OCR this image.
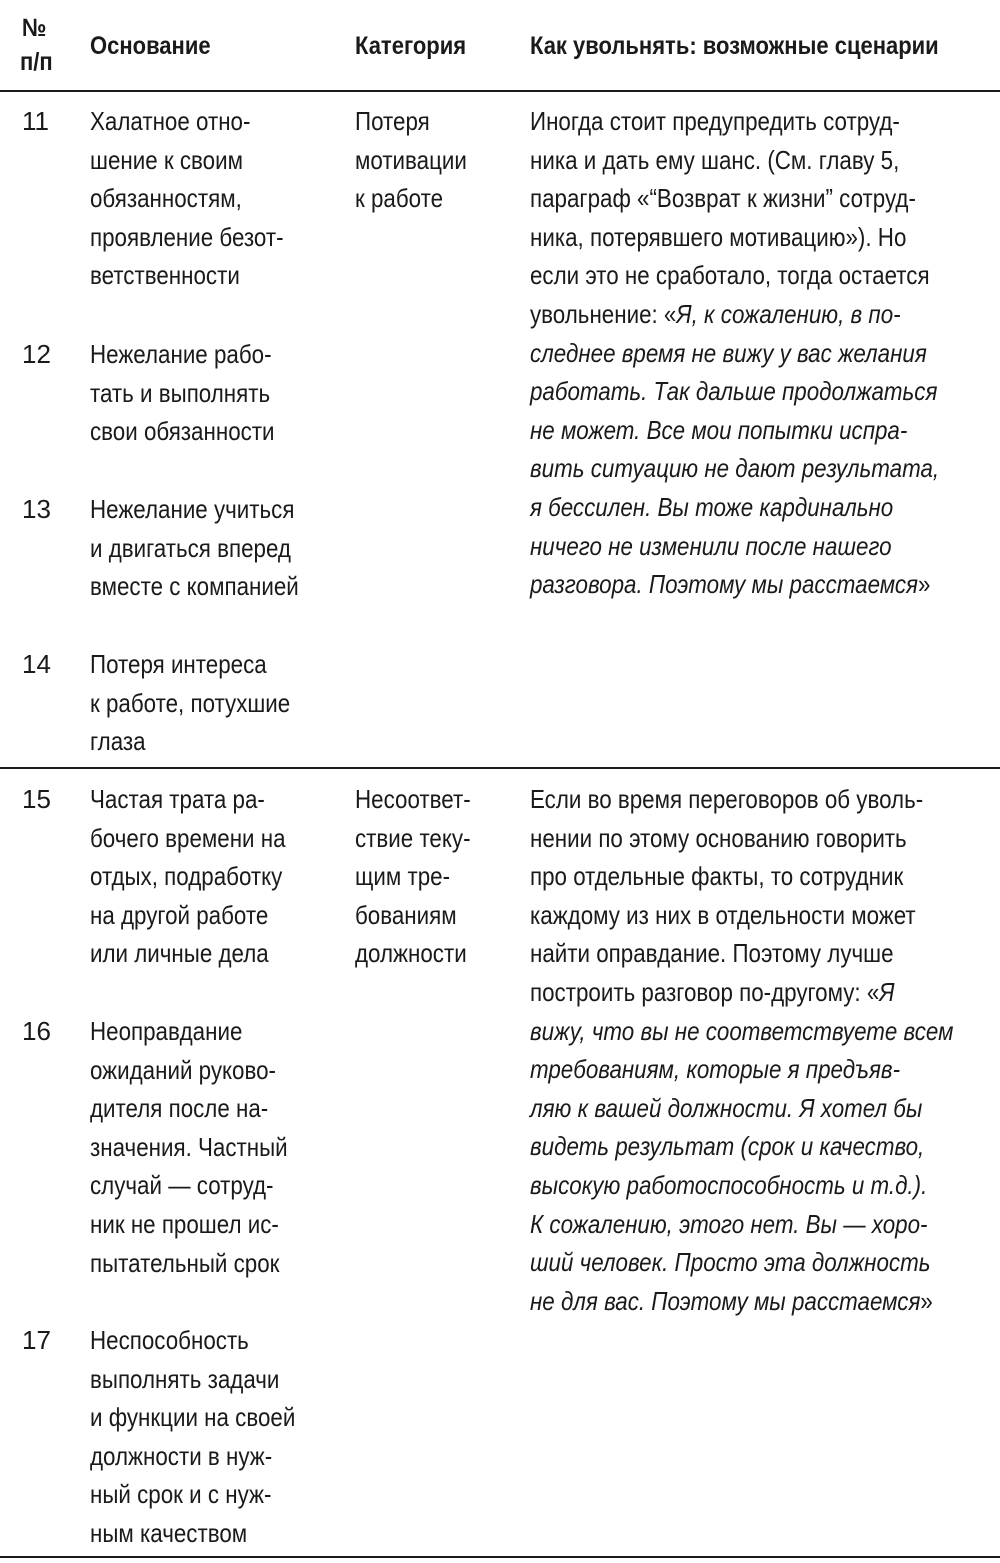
№
п/п
Основание	Категория	Как увольнять: возможные сценарии
11 Халатное отно-
шение к своим
обязанностям,
проявление безот-
ветственности
12 Нежелание рабо-
тать и выполнять
свои обязанности
13 Нежелание учиться
и двигаться вперед
вместе с компанией
14 Потеря интереса
к работе, потухшие
глаза
Потеря
мотивации
к работе
Иногда стоит предупредить сотруд-
ника и дать ему шанс. (См. главу 5,
параграф «“Возврат к жизни” сотруд-
ника, потерявшего мотивацию»). Но
если это не сработало, тогда остается
увольнение: «Я, к сожалению, в по-
следнее время не вижу у вас желания
работать. Так дальше продолжаться
не может. Все мои попытки испра-
вить ситуацию не дают результата,
я бессилен. Вы тоже кардинально
ничего не изменили после нашего
разговора. Поэтому мы расстаемся»
15 Частая трата ра-
бочего времени на
отдых, подработку
на другой работе
или личные дела
16 Неоправдание
ожиданий руково-
дителя после на-
значения. Частный
случай — сотруд-
ник не прошел ис-
пытательный срок
17 Неспособность
выполнять задачи
и функции на своей
должности в нуж-
ный срок и с нуж-
ным качеством
Несоответ-
ствие теку-
щим тре-
бованиям
должности
Если во время переговоров об уволь-
нении по этому основанию говорить
про отдельные факты, то сотрудник
каждому из них в отдельности может
найти оправдание. Поэтому лучше
построить разговор по-другому: «Я
вижу, что вы не соответствуете всем
требованиям, которые я предъяв-
ляю к вашей должности. Я хотел бы
видеть результат (срок и качество,
высокую работоспособность и т.д.).
К сожалению, этого нет. Вы — хоро-
ший человек. Просто эта должность
не для вас. Поэтому мы расстаемся»
